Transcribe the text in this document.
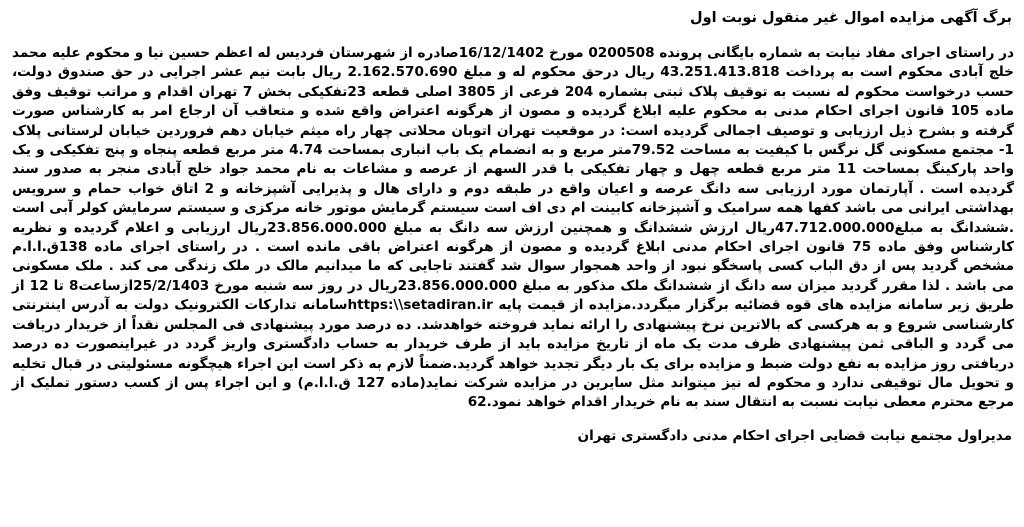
برگ آگهی مزایده اموال غیر منقول نوبت اول

در راستای اجرای مفاد نیابت به شماره بایگانی پرونده 0200508 مورخ 16/12/1402صادره از شهرستان فردیس له اعظم حسین نیا و محکوم علیه محمد خلج آبادی محکوم است به پرداخت 43.251.413.818 ریال درحق محکوم له و مبلغ 2.162.570.690 ریال بابت نیم عشر اجرایی در حق صندوق دولت، حسب درخواست محکوم له نسبت به توقیف پلاک ثبتی بشماره 204 فرعی از 3805 اصلی قطعه 23تفکیکی بخش 7 تهران اقدام و مراتب توقیف وفق ماده 105 قانون اجرای احکام مدنی به محکوم علیه ابلاغ گردیده و مصون از هرگونه اعتراض واقع شده و متعاقب آن ارجاع امر به کارشناس صورت گرفته و بشرح ذیل ارزیابی و توصیف اجمالی گردیده است: در موقعیت تهران اتوبان محلاتی چهار راه میثم خیابان دهم فروردین خیابان لرستانی پلاک 1- مجتمع مسکونی گل نرگس با کیفیت به مساحت 79.52متر مربع و به انضمام یک باب انباری بمساحت 4.74 متر مربع قطعه پنجاه و پنج تفکیکی و یک واحد پارکینگ بمساحت 11 متر مربع قطعه چهل و چهار تفکیکی با قدر السهم از عرصه و مشاعات به نام محمد جواد خلج آبادی منجر به صدور سند گردیده است . آپارتمان مورد ارزیابی سه دانگ عرصه و اعیان واقع در طبقه دوم و دارای هال و پذیرایی آشپزخانه و 2 اتاق خواب حمام و سرویس بهداشتی ایرانی می باشد کفها همه سرامیک و آشپزخانه کابینت ام دی اف است سیستم گرمایش موتور خانه مرکزی و سیستم سرمایش کولر آبی است .ششدانگ به مبلغ47.712.000.000ریال ارزش ششدانگ و همچنین ارزش سه دانگ به مبلغ 23.856.000.000ریال ارزیابی و اعلام گردیده و نظریه کارشناس وفق ماده 75 قانون اجرای احکام مدنی ابلاغ گردیده و مصون از هرگونه اعتراض باقی مانده است . در راستای اجرای ماده 138ق.ا.ا.م مشخص گردید پس از دق الباب کسی پاسخگو نبود از واحد همجوار سوال شد گفتند تاجایی که ما میدانیم مالک در ملک زندگی می کند . ملک مسکونی می باشد . لذا مقرر گردید میزان سه دانگ از ششدانگ ملک مذکور به مبلغ 23.856.000.000ریال در روز سه شنبه مورخ 25/2/1403ازساعت8 تا 12 از طریق زیر سامانه مزایده های قوه قضائیه برگزار میگردد.مزایده از قیمت پایه https:\\setadiran.irسامانه تدارکات الکترونیک دولت به آدرس اینترنتی کارشناسی شروع و به هرکسی که بالاترین نرخ پیشنهادی را ارائه نماید فروخته خواهدشد. ده درصد مورد پیشنهادی فی المجلس نقداً از خریدار دریافت می گردد و الباقی ثمن پیشنهادی ظرف مدت یک ماه از تاریخ مزایده باید از طرف خریدار به حساب دادگستری واریز گردد در غیراینصورت ده درصد دریافتی روز مزایده به نفع دولت ضبط و مزایده برای یک بار دیگر تجدید خواهد گردید.ضمناً لازم به ذکر است این اجراء هیچگونه مسئولیتی در قبال تخلیه و تحویل مال توقیفی ندارد و محکوم له نیز میتواند مثل سایرین در مزایده شرکت نماید(ماده 127 ق.ا.ا.م) و این اجراء پس از کسب دستور تملیک از مرجع محترم معطی نیابت نسبت به انتقال سند به نام خریدار اقدام خواهد نمود.62

مدیراول مجتمع نیابت قضایی اجرای احکام مدنی دادگستری تهران
